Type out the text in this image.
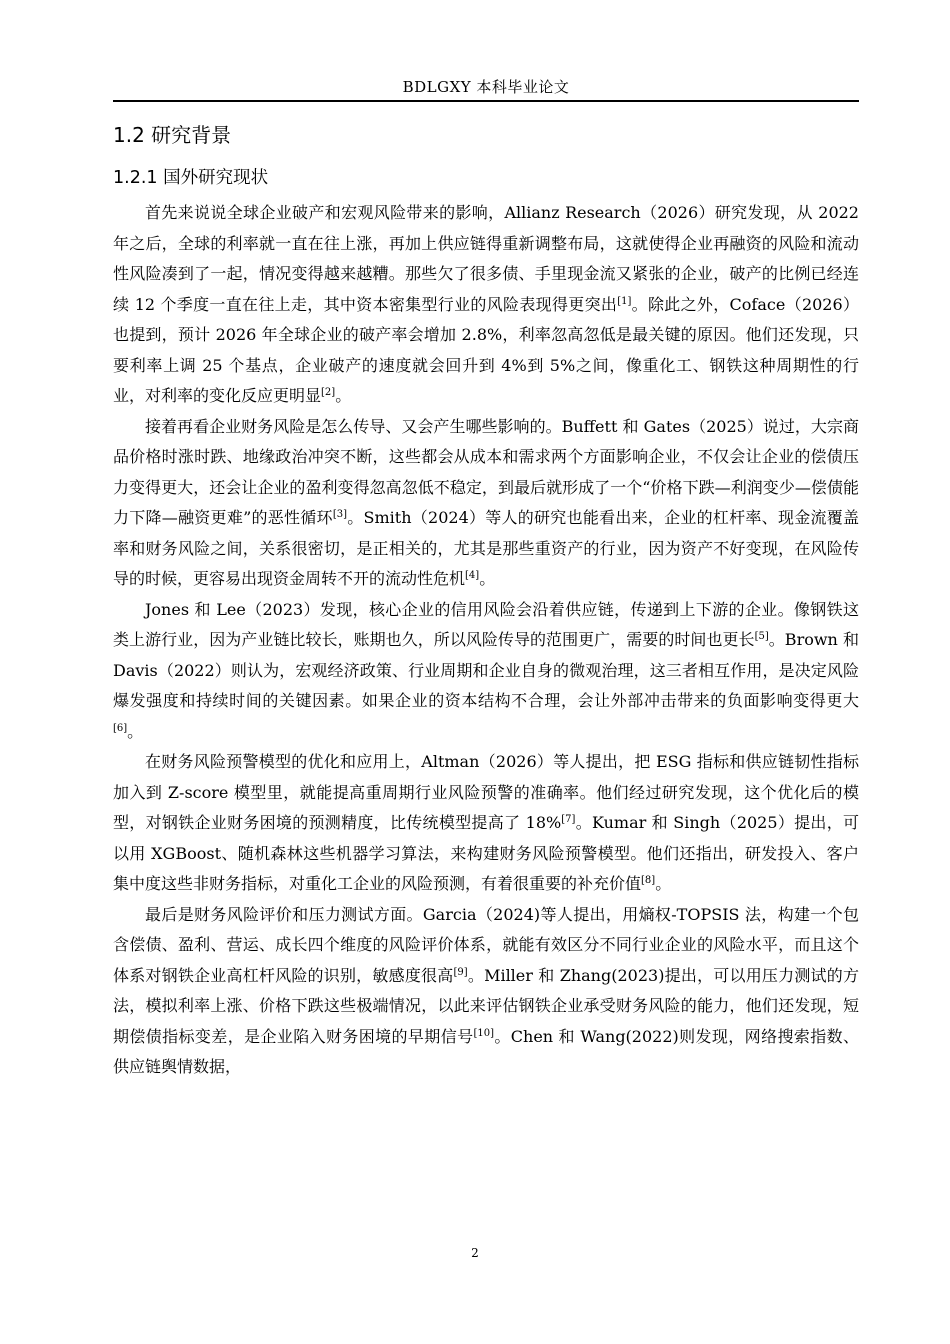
BDLGXY 本科毕业论文
1.2 研究背景
1.2.1 国外研究现状

首先来说说全球企业破产和宏观风险带来的影响，Allianz Research（2026）研究发现，从 2022 年之后，全球的利率就一直在往上涨，再加上供应链得重新调整布局，这就使得企业再融资的风险和流动性风险凑到了一起，情况变得越来越糟。那些欠了很多债、手里现金流又紧张的企业，破产的比例已经连续 12 个季度一直在往上走，其中资本密集型行业的风险表现得更突出[1]。除此之外，Coface（2026）也提到，预计 2026 年全球企业的破产率会增加 2.8%，利率忽高忽低是最关键的原因。他们还发现，只要利率上调 25 个基点，企业破产的速度就会回升到 4%到 5%之间，像重化工、钢铁这种周期性的行业，对利率的变化反应更明显[2]。

接着再看企业财务风险是怎么传导、又会产生哪些影响的。Buffett 和 Gates（2025）说过，大宗商品价格时涨时跌、地缘政治冲突不断，这些都会从成本和需求两个方面影响企业，不仅会让企业的偿债压力变得更大，还会让企业的盈利变得忽高忽低不稳定，到最后就形成了一个“价格下跌—利润变少—偿债能力下降—融资更难”的恶性循环[3]。Smith（2024）等人的研究也能看出来，企业的杠杆率、现金流覆盖率和财务风险之间，关系很密切，是正相关的，尤其是那些重资产的行业，因为资产不好变现，在风险传导的时候，更容易出现资金周转不开的流动性危机[4]。

Jones 和 Lee（2023）发现，核心企业的信用风险会沿着供应链，传递到上下游的企业。像钢铁这类上游行业，因为产业链比较长，账期也久，所以风险传导的范围更广，需要的时间也更长[5]。Brown 和 Davis（2022）则认为，宏观经济政策、行业周期和企业自身的微观治理，这三者相互作用，是决定风险爆发强度和持续时间的关键因素。如果企业的资本结构不合理，会让外部冲击带来的负面影响变得更大[6]。

在财务风险预警模型的优化和应用上，Altman（2026）等人提出，把 ESG 指标和供应链韧性指标加入到 Z-score 模型里，就能提高重周期行业风险预警的准确率。他们经过研究发现，这个优化后的模型，对钢铁企业财务困境的预测精度，比传统模型提高了 18%[7]。Kumar 和 Singh（2025）提出，可以用 XGBoost、随机森林这些机器学习算法，来构建财务风险预警模型。他们还指出，研发投入、客户集中度这些非财务指标，对重化工企业的风险预测，有着很重要的补充价值[8]。

最后是财务风险评价和压力测试方面。Garcia（2024)等人提出，用熵权-TOPSIS 法，构建一个包含偿债、盈利、营运、成长四个维度的风险评价体系，就能有效区分不同行业企业的风险水平，而且这个体系对钢铁企业高杠杆风险的识别，敏感度很高[9]。Miller 和 Zhang(2023)提出，可以用压力测试的方法，模拟利率上涨、价格下跌这些极端情况，以此来评估钢铁企业承受财务风险的能力，他们还发现，短期偿债指标变差，是企业陷入财务困境的早期信号[10]。Chen 和 Wang(2022)则发现，网络搜索指数、供应链舆情数据，

2
